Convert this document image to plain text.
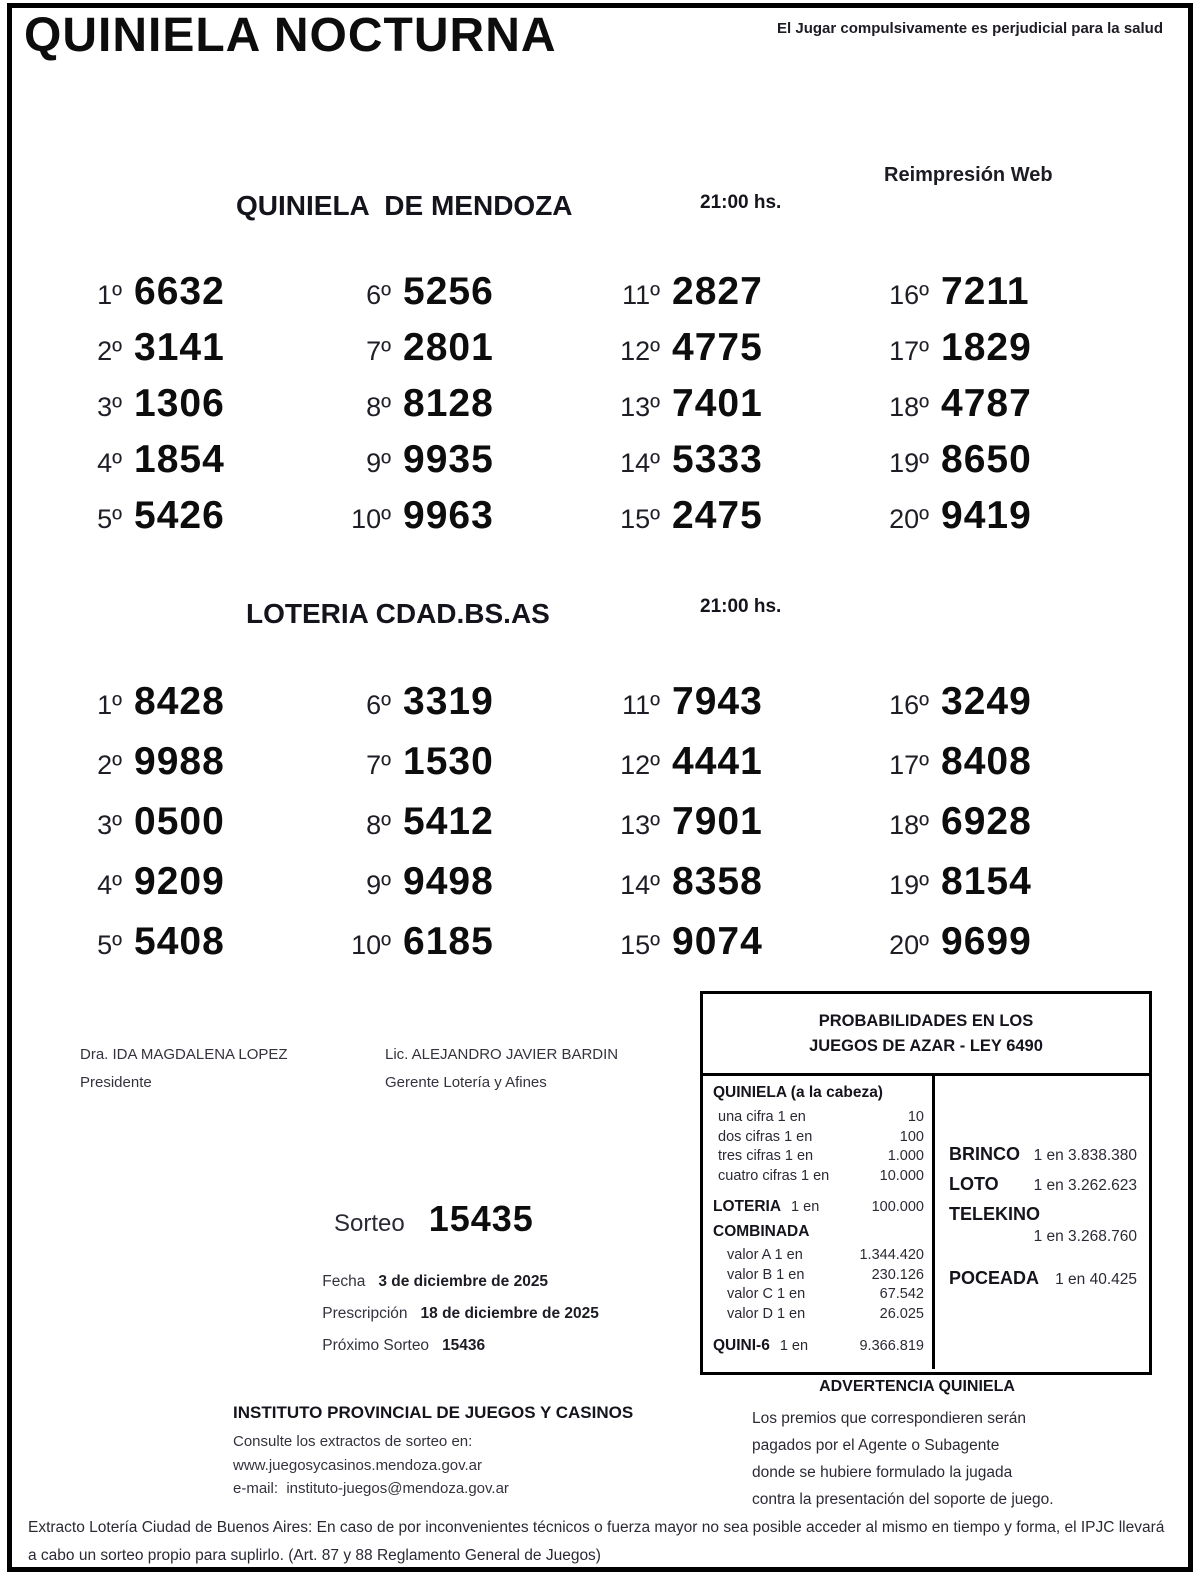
QUINIELA NOCTURNA	El Jugar compulsivamente es perjudicial para la salud
Reimpresión Web
QUINIELA  DE MENDOZA	21:00 hs.
1º 6632
2º 3141
3º 1306
4º 1854
5º 5426
6º 5256
7º 2801
8º 8128
9º 9935
10º 9963
11º 2827
12º 4775
13º 7401
14º 5333
15º 2475
16º 7211
17º 1829
18º 4787
19º 8650
20º 9419
LOTERIA CDAD.BS.AS	21:00 hs.
1º 8428
2º 9988
3º 0500
4º 9209
5º 5408
6º 3319
7º 1530
8º 5412
9º 9498
10º 6185
11º 7943
12º 4441
13º 7901
14º 8358
15º 9074
16º 3249
17º 8408
18º 6928
19º 8154
20º 9699
Dra. IDA MAGDALENA LOPEZ
Presidente
Lic. ALEJANDRO JAVIER BARDIN
Gerente Lotería y Afines
PROBABILIDADES EN LOS
JUEGOS DE AZAR - LEY 6490
QUINIELA (a la cabeza)
una cifra 1 en	10
dos cifras 1 en	100
tres cifras 1 en	1.000
cuatro cifras 1 en	10.000
LOTERIA 1 en	100.000
COMBINADA
valor A 1 en	1.344.420
valor B 1 en	230.126
valor C 1 en	67.542
valor D 1 en	26.025
QUINI-6 1 en	9.366.819
BRINCO 1 en 3.838.380
LOTO 1 en 3.262.623
TELEKINO
1 en 3.268.760
POCEADA 1 en 40.425
Sorteo 15435

Fecha 3 de diciembre de 2025

Prescripción 18 de diciembre de 2025

Próximo Sorteo 15436

ADVERTENCIA QUINIELA
Los premios que correspondieren serán
pagados por el Agente o Subagente
donde se hubiere formulado la jugada
contra la presentación del soporte de juego.
INSTITUTO PROVINCIAL DE JUEGOS Y CASINOS
Consulte los extractos de sorteo en:
www.juegosycasinos.mendoza.gov.ar
e-mail:  instituto-juegos@mendoza.gov.ar
Extracto Lotería Ciudad de Buenos Aires: En caso de por inconvenientes técnicos o fuerza mayor no sea posible acceder al mismo en tiempo y forma, el IPJC llevará a cabo un sorteo propio para suplirlo. (Art. 87 y 88 Reglamento General de Juegos)
